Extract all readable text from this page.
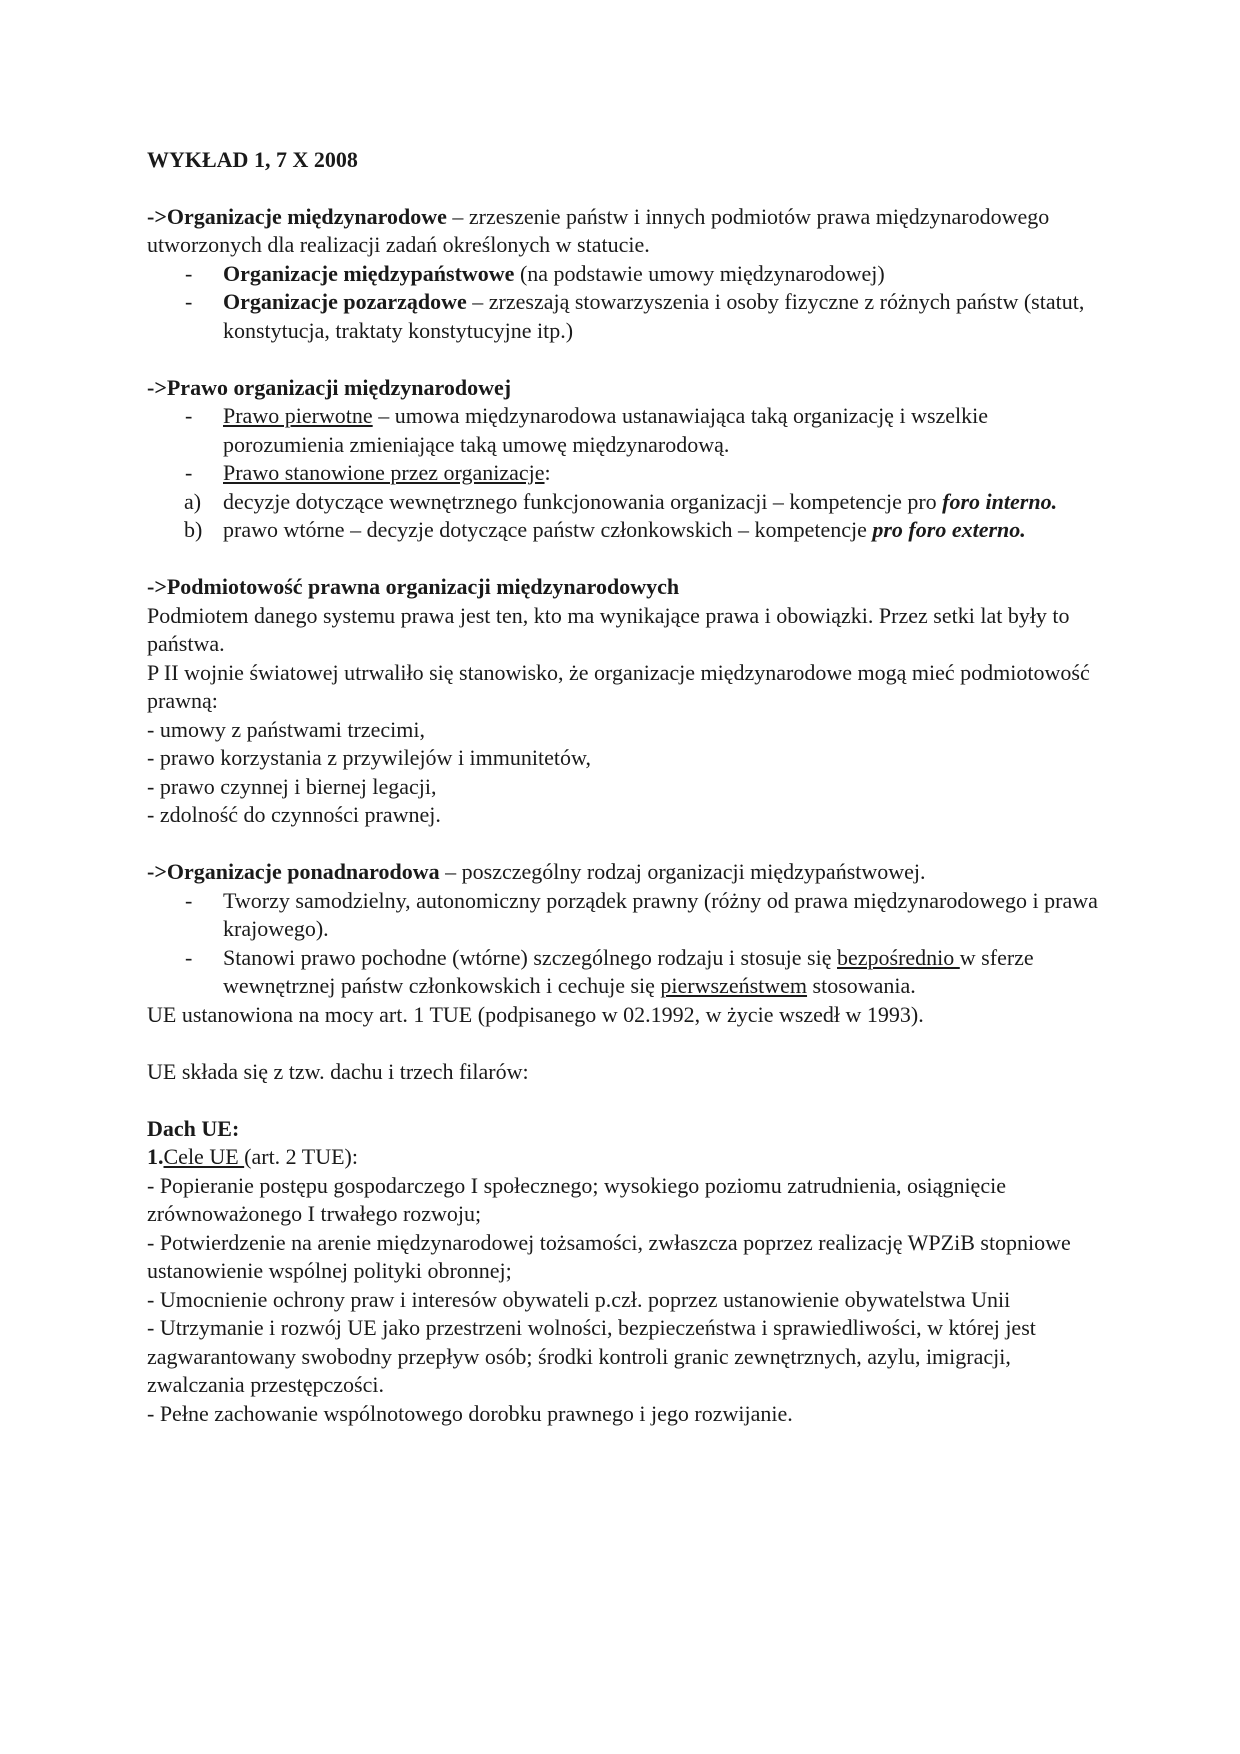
WYKŁAD 1, 7 X 2008

->Organizacje międzynarodowe – zrzeszenie państw i innych podmiotów prawa międzynarodowego utworzonych dla realizacji zadań określonych w statucie.

-	Organizacje międzypaństwowe (na podstawie umowy międzynarodowej)
-	Organizacje pozarządowe – zrzeszają stowarzyszenia i osoby fizyczne z różnych państw (statut, konstytucja, traktaty konstytucyjne itp.)

->Prawo organizacji międzynarodowej

-	Prawo pierwotne – umowa międzynarodowa ustanawiająca taką organizację i wszelkie porozumienia zmieniające taką umowę międzynarodową.
-	Prawo stanowione przez organizacje:
a) decyzje dotyczące wewnętrznego funkcjonowania organizacji – kompetencje pro foro interno.
b) prawo wtórne – decyzje dotyczące państw członkowskich – kompetencje pro foro externo.

->Podmiotowość prawna organizacji międzynarodowych

Podmiotem danego systemu prawa jest ten, kto ma wynikające prawa i obowiązki. Przez setki lat były to państwa.

P II wojnie światowej utrwaliło się stanowisko, że organizacje międzynarodowe mogą mieć podmiotowość prawną:

- umowy z państwami trzecimi,

- prawo korzystania z przywilejów i immunitetów,

- prawo czynnej i biernej legacji,

- zdolność do czynności prawnej.

->Organizacje ponadnarodowa – poszczególny rodzaj organizacji międzypaństwowej.

-	Tworzy samodzielny, autonomiczny porządek prawny (różny od prawa międzynarodowego i prawa krajowego).
-	Stanowi prawo pochodne (wtórne) szczególnego rodzaju i stosuje się bezpośrednio w sferze wewnętrznej państw członkowskich i cechuje się pierwszeństwem stosowania.

UE ustanowiona na mocy art. 1 TUE (podpisanego w 02.1992, w życie wszedł w 1993).

UE składa się z tzw. dachu i trzech filarów:

Dach UE:

1.Cele UE (art. 2 TUE):

- Popieranie postępu gospodarczego I społecznego; wysokiego poziomu zatrudnienia, osiągnięcie zrównoważonego I trwałego rozwoju;

- Potwierdzenie na arenie międzynarodowej tożsamości, zwłaszcza poprzez realizację WPZiB stopniowe ustanowienie wspólnej polityki obronnej;

- Umocnienie ochrony praw i interesów obywateli p.czł. poprzez ustanowienie obywatelstwa Unii

- Utrzymanie i rozwój UE jako przestrzeni wolności, bezpieczeństwa i sprawiedliwości, w której jest zagwarantowany swobodny przepływ osób; środki kontroli granic zewnętrznych, azylu, imigracji, zwalczania przestępczości.

- Pełne zachowanie wspólnotowego dorobku prawnego i jego rozwijanie.
